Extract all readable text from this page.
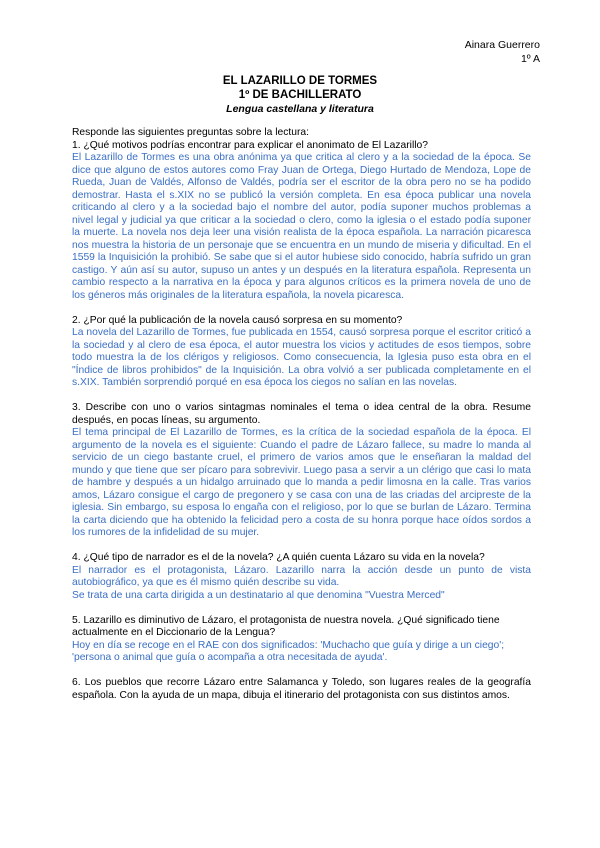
Ainara Guerrero
1º A
EL LAZARILLO DE TORMES
1º DE BACHILLERATO
Lengua castellana y literatura

Responde las siguientes preguntas sobre la lectura:

1. ¿Qué motivos podrías encontrar para explicar el anonimato de El Lazarillo?

El Lazarillo de Tormes es una obra anónima ya que critica al clero y a la sociedad de la época. Se dice que alguno de estos autores como Fray Juan de Ortega, Diego Hurtado de Mendoza, Lope de Rueda, Juan de Valdés, Alfonso de Valdés, podría ser el escritor de la obra pero no se ha podido demostrar. Hasta el s.XIX no se publicó la versión completa. En esa época publicar una novela criticando al clero y a la sociedad bajo el nombre del autor, podía suponer muchos problemas a nivel legal y judicial ya que criticar a la sociedad o clero, como la iglesia o el estado podía suponer la muerte. La novela nos deja leer una visión realista de la época española. La narración picaresca nos muestra la historia de un personaje que se encuentra en un mundo de miseria y dificultad. En el 1559 la Inquisición la prohibió. Se sabe que si el autor hubiese sido conocido, habría sufrido un gran castigo. Y aún así su autor, supuso un antes y un después en la literatura española. Representa un cambio respecto a la narrativa en la época y para algunos críticos es la primera novela de uno de los géneros más originales de la literatura española, la novela picaresca.

2. ¿Por qué la publicación de la novela causó sorpresa en su momento?

La novela del Lazarillo de Tormes, fue publicada en 1554, causó sorpresa porque el escritor criticó a la sociedad y al clero de esa época, el autor muestra los vicios y actitudes de esos tiempos, sobre todo muestra la de los clérigos y religiosos. Como consecuencia, la Iglesia puso esta obra en el "Índice de libros prohibidos" de la Inquisición. La obra volvió a ser publicada completamente en el s.XIX. También sorprendió porqué en esa época los ciegos no salían en las novelas.

3. Describe con uno o varios sintagmas nominales el tema o idea central de la obra. Resume después, en pocas líneas, su argumento.

El tema principal de El Lazarillo de Tormes, es la crítica de la sociedad española de la época. El argumento de la novela es el siguiente: Cuando el padre de Lázaro fallece, su madre lo manda al servicio de un ciego bastante cruel, el primero de varios amos que le enseñaran la maldad del mundo y que tiene que ser pícaro para sobrevivir. Luego pasa a servir a un clérigo que casi lo mata de hambre y después a un hidalgo arruinado que lo manda a pedir limosna en la calle. Tras varios amos, Lázaro consigue el cargo de pregonero y se casa con una de las criadas del arcipreste de la iglesia. Sin embargo, su esposa lo engaña con el religioso, por lo que se burlan de Lázaro. Termina la carta diciendo que ha obtenido la felicidad pero a costa de su honra porque hace oídos sordos a los rumores de la infidelidad de su mujer.

4. ¿Qué tipo de narrador es el de la novela? ¿A quién cuenta Lázaro su vida en la novela?

El narrador es el protagonista, Lázaro. Lazarillo narra la acción desde un punto de vista autobiográfico, ya que es él mismo quién describe su vida.

Se trata de una carta dirigida a un destinatario al que denomina "Vuestra Merced"

5. Lazarillo es diminutivo de Lázaro, el protagonista de nuestra novela. ¿Qué significado tiene actualmente en el Diccionario de la Lengua?

Hoy en día se recoge en el RAE con dos significados: 'Muchacho que guía y dirige a un ciego'; 'persona o animal que guía o acompaña a otra necesitada de ayuda'.

6. Los pueblos que recorre Lázaro entre Salamanca y Toledo, son lugares reales de la geografía española. Con la ayuda de un mapa, dibuja el itinerario del protagonista con sus distintos amos.
